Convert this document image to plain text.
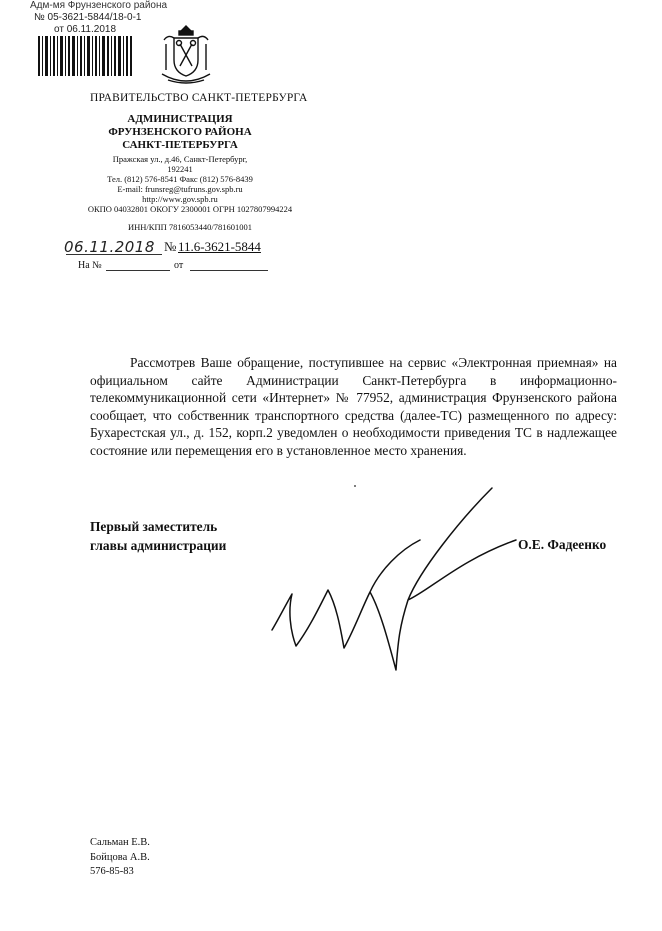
Адм-мя Фрунзенского района
№ 05-3621-5844/18-0-1
от 06.11.2018
ПРАВИТЕЛЬСТВО САНКТ-ПЕТЕРБУРГА
АДМИНИСТРАЦИЯ
ФРУНЗЕНСКОГО РАЙОНА
САНКТ-ПЕТЕРБУРГА
Пражская ул., д.46, Санкт-Петербург, 192241
Тел. (812) 576-8541 Факс (812) 576-8439
E-mail: frunsreg@tufruns.gov.spb.ru
http://www.gov.spb.ru
ОКПО 04032801 ОКОГУ 2300001 ОГРН 1027807994224
ИНН/КПП 7816053440/781601001
06.11.2018 № 11.6-3621-5844
На №	от
Рассмотрев Ваше обращение, поступившее на сервис «Электронная приемная» на официальном сайте Администрации Санкт-Петербурга в информационно-телекоммуникационной сети «Интернет» № 77952, администрация Фрунзенского района сообщает, что собственник транспортного средства (далее-ТС) размещенного по адресу: Бухарестская ул., д. 152, корп.2 уведомлен о необходимости приведения ТС в надлежащее состояние или перемещения его в установленное место хранения.
Первый заместитель
главы администрации	О.Е. Фадеенко
Сальман Е.В.
Бойцова А.В.
576-85-83
